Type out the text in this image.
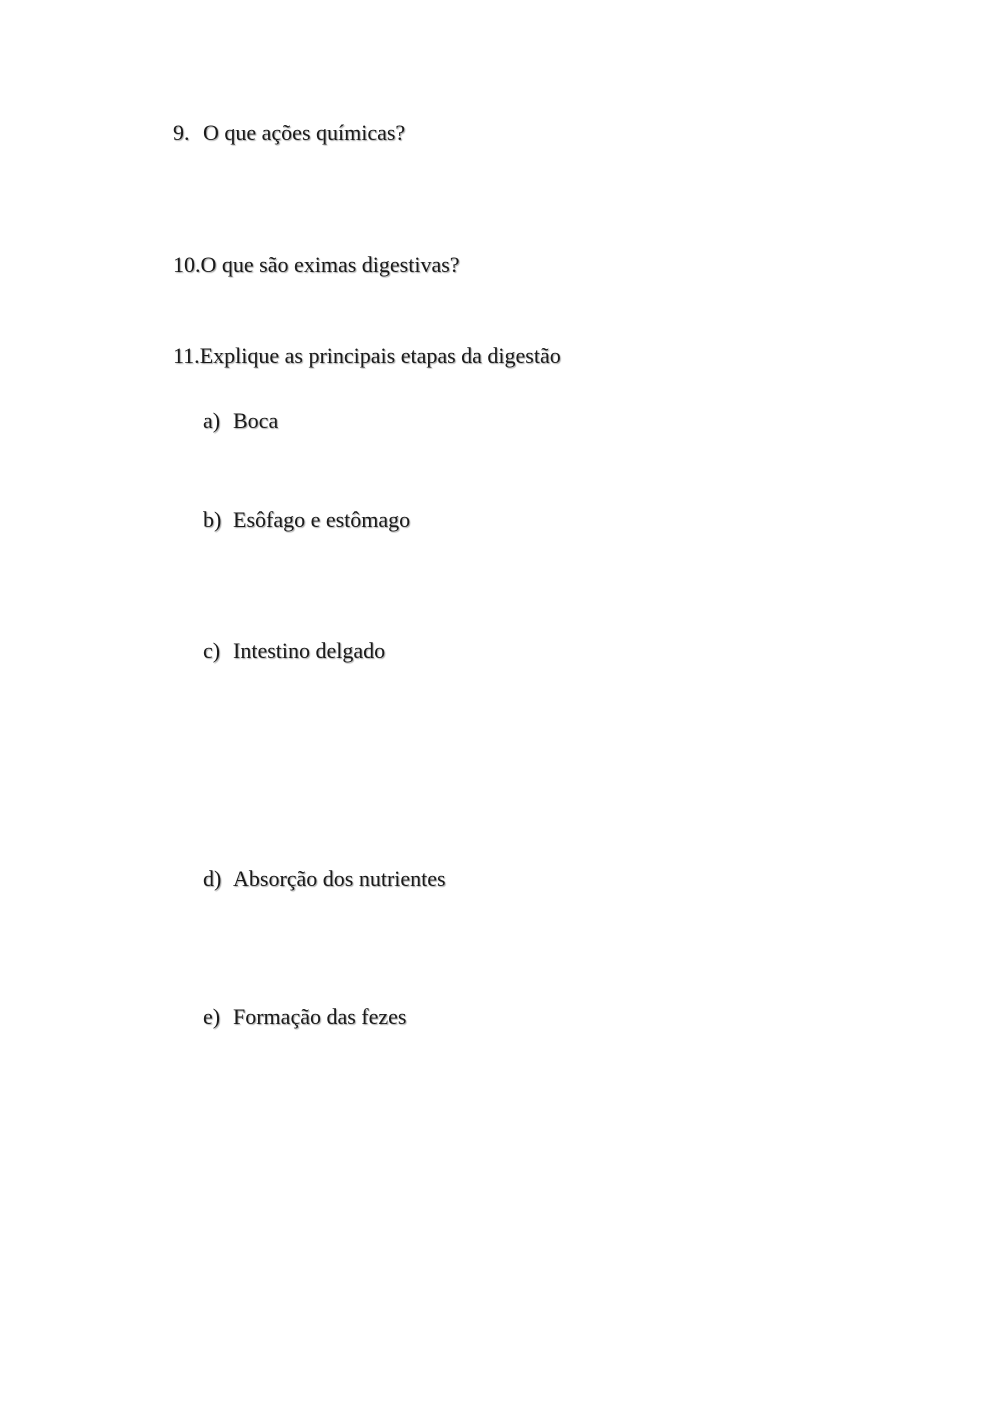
9. O que ações químicas?
10.O que são eximas digestivas?
11.Explique as principais etapas da digestão
a) Boca
b) Esôfago e estômago
c) Intestino delgado
d) Absorção dos nutrientes
e) Formação das fezes
